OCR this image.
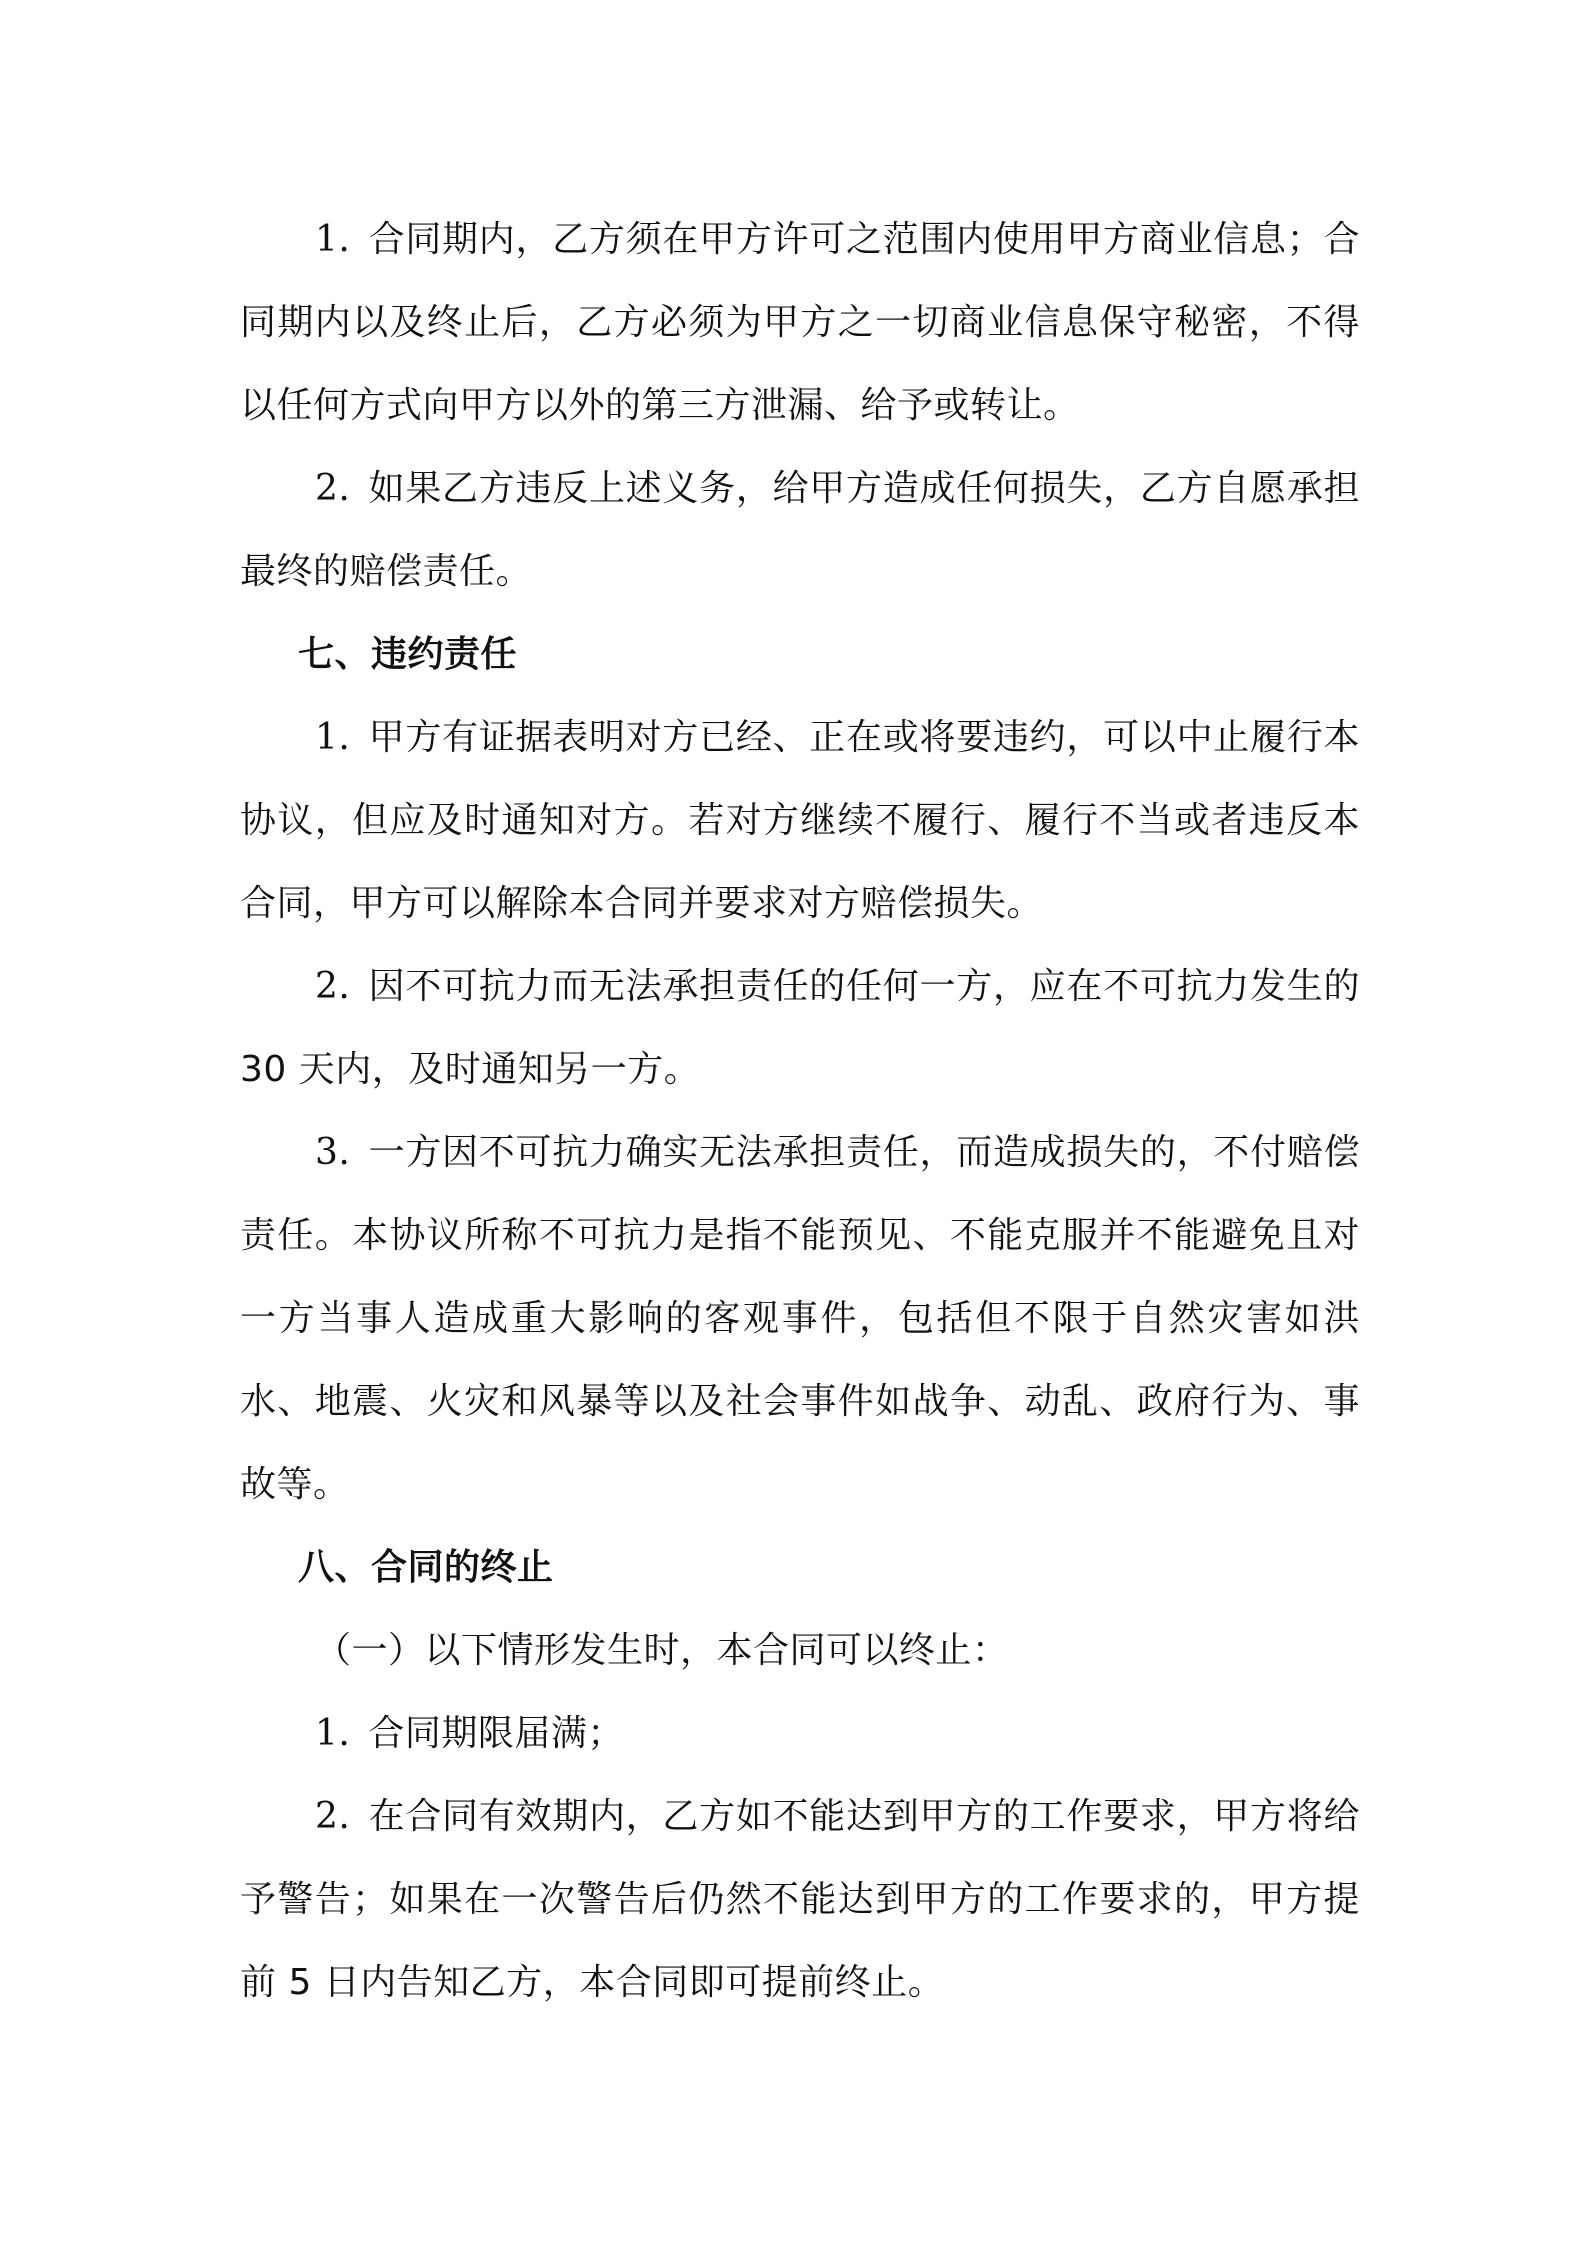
1. 合同期内，乙方须在甲方许可之范围内使用甲方商业信息；合同期内以及终止后，乙方必须为甲方之一切商业信息保守秘密，不得以任何方式向甲方以外的第三方泄漏、给予或转让。

2. 如果乙方违反上述义务，给甲方造成任何损失，乙方自愿承担最终的赔偿责任。

七、违约责任

1. 甲方有证据表明对方已经、正在或将要违约，可以中止履行本协议，但应及时通知对方。若对方继续不履行、履行不当或者违反本合同，甲方可以解除本合同并要求对方赔偿损失。

2. 因不可抗力而无法承担责任的任何一方，应在不可抗力发生的 30 天内，及时通知另一方。

3. 一方因不可抗力确实无法承担责任，而造成损失的，不付赔偿责任。本协议所称不可抗力是指不能预见、不能克服并不能避免且对一方当事人造成重大影响的客观事件，包括但不限于自然灾害如洪水、地震、火灾和风暴等以及社会事件如战争、动乱、政府行为、事故等。

八、合同的终止

（一）以下情形发生时，本合同可以终止：

1. 合同期限届满；

2. 在合同有效期内，乙方如不能达到甲方的工作要求，甲方将给予警告；如果在一次警告后仍然不能达到甲方的工作要求的，甲方提前 5 日内告知乙方，本合同即可提前终止。
